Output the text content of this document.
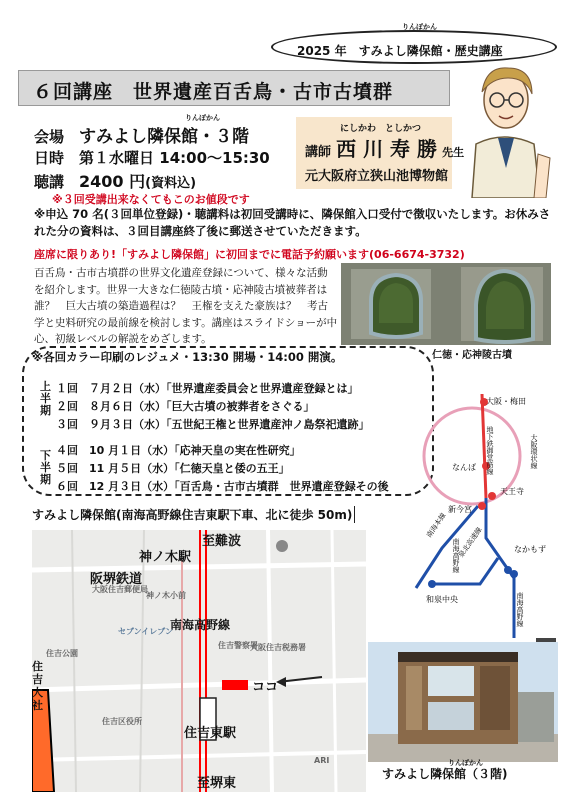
りんぽかん
2025 年　すみよし隣保館・歴史講座
６回講座　世界遺産百舌鳥・古市古墳群
りんぽかん
会場　 すみよし隣保館・３階
日時　 第１水曜日 14:00～15:30
聴講　 2400 円(資料込)
※３回受講出来なくてもこのお値段です
にしかわ　としかつ
講師 西 川 寿 勝 先生
元大阪府立狭山池博物館
※申込 70 名(３回単位登録)・聴講料は初回受講時に、隣保館入口受付で徴収いたします。お休みされた分の資料は、３回目講座終了後に郵送させていただきます。
座席に限りあり!「すみよし隣保館」に初回までに電話予約願います(06-6674-3732)
百舌鳥・古市古墳群の世界文化遺産登録について、様々な活動を紹介します。世界一大きな仁徳陵古墳・応神陵古墳被葬者は誰？　巨大古墳の築造過程は？　王権を支えた豪族は？　考古学と史料研究の最前線を検討します。講座はスライドショーが中心、初級レベルの解説をめざします。
仁徳・応神陵古墳
※各回カラー印刷のレジュメ・13:30 開場・14:00 開演。
上半期
下半期
１回　 ７月２日（水）「世界遺産委員会と世界遺産登録とは」
２回　 ８月６日（水）「巨大古墳の被葬者をさぐる」
３回　 ９月３日（水）「五世紀王権と世界遺産沖ノ島祭祀遺跡」
４回　 10 月１日（水）「応神天皇の実在性研究」
５回　 11 月５日（水）「仁徳天皇と倭の五王」
６回　 12 月３日（水）「百舌鳥・古市古墳群　世界遺産登録その後
大阪・梅田
地下鉄御堂筋線	大阪環状線
なんば
天王寺
新今宮
なかもず
南海本線
南海高野線
和泉中央
泉北高速線
南海高野線
すみよし隣保館(南海高野線住吉東駅下車、北に徒歩 50m)
至難波
神ノ木駅
阪堺鉄道
南海高野線
ココ
住吉東駅
至堺東
住吉大社
神ノ木小前
大阪住吉郵便局
セブンイレブン
住吉公園
大阪住吉税務署
住吉警察署
住吉区役所
ARI	りんぽかん
すみよし隣保館（３階)
